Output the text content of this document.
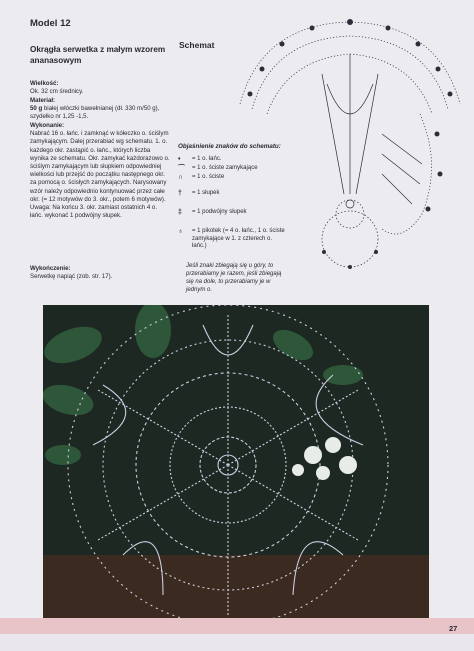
Model 12
Okrągła serwetka z małym wzorem ananasowym
Wielkość:
Ok. 32 cm średnicy.
Materiał:
50 g białej włóczki bawełnianej (dł. 330 m/50 g), szydełko nr 1,25 -1,5.
Wykonanie:
Nabrać 16 o. łańc. i zamknąć w kółeczko o. ściślym zamykającym. Dalej przerabiać wg schematu. 1. o. każdego okr. zastąpić o. łańc., których liczba wynika ze schematu. Okr. zamykać każdorazowo o. ściślym zamykającym lub słupkiem odpowiedniej wielkości lub przejść do początku następnego okr. za pomocą o. ścisłych zamykających. Narysowany wzór należy odpowiednio kontynuować przez całe okr. (= 12 motywów do 3. okr., potem 6 motywów). Uwaga: Na końcu 3. okr. zamiast ostatnich 4 o. łańc. wykonać 1 podwójny słupek.
Wykończenie:
Serwetkę napiąć (zob. str. 17).
Schemat
Objaśnienie znaków do schematu:
• = 1 o. łańc.
⌒ = 1 o. ściste zamykające
∩ = 1 o. ściste
† = 1 słupek
‡ = 1 podwójny słupek
♁ = 1 pikotek (= 4 o. łańc., 1 o. ściste zamykające w 1. z czterech o. łańc.)
Jeśli znaki zbiegają się u góry, to przerabiamy je razem, jeśli zbiegają się na dole, to przerabiamy je w jednym o.
27
